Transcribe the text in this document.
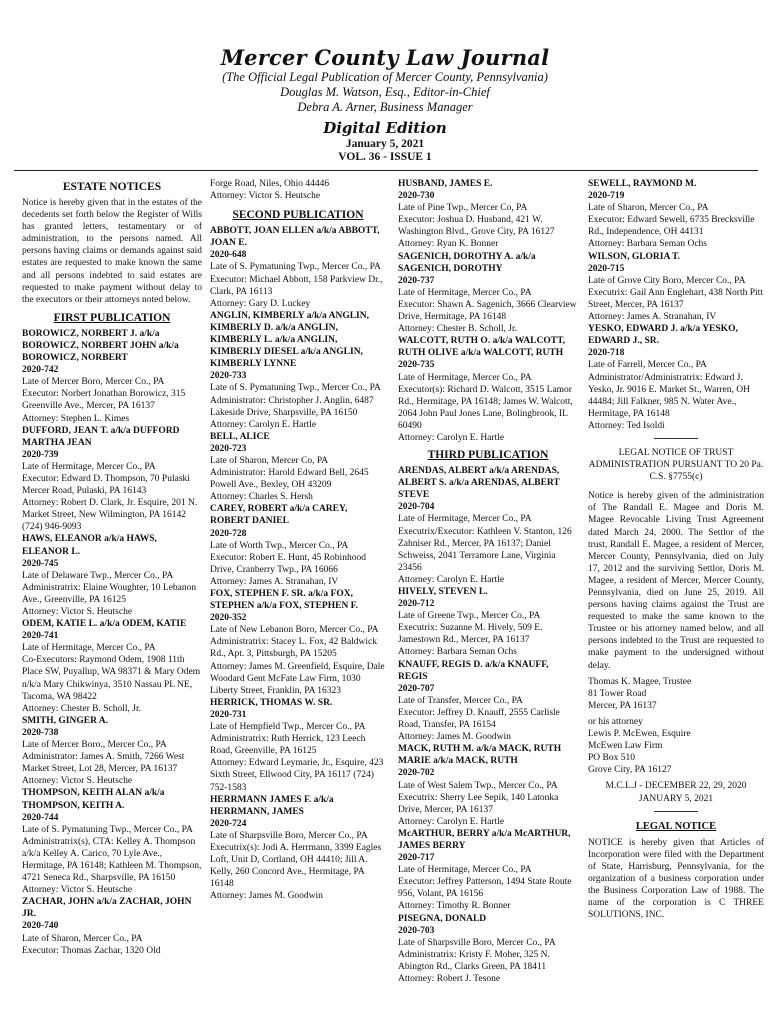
Mercer County Law Journal
(The Official Legal Publication of Mercer County, Pennsylvania)
Douglas M. Watson, Esq., Editor-in-Chief
Debra A. Arner, Business Manager
Digital Edition
January 5, 2021
VOL. 36 - ISSUE 1
ESTATE NOTICES

Notice is hereby given that in the estates of the decedents set forth below the Register of Wills has granted letters, testamentary or of administration, to the persons named. All persons having claims or demands against said estates are requested to make known the same and all persons indebted to said estates are requested to make payment without delay to the executors or their attorneys noted below.

FIRST PUBLICATION

BOROWICZ, NORBERT J. a/k/a BOROWICZ, NORBERT JOHN a/k/a BOROWICZ, NORBERT

2020-742

Late of Mercer Boro, Mercer Co., PA

Executor: Norbert Jonathan Borowicz, 315 Greenville Ave., Mercer, PA 16137

Attorney: Stephen L. Kimes

DUFFORD, JEAN T. a/k/a DUFFORD MARTHA JEAN

2020-739

Late of Hermitage, Mercer Co., PA

Executor: Edward D. Thompson, 70 Pulaski Mercer Road, Pulaski, PA 16143

Attorney: Robert D. Clark, Jr. Esquire, 201 N. Market Street, New Wilmington, PA 16142 (724) 946-9093

HAWS, ELEANOR a/k/a HAWS, ELEANOR L.

2020-745

Late of Delaware Twp., Mercer Co., PA

Administratrix: Elaine Woughter, 10 Lebanon Ave., Greenville, PA 16125

Attorney: Victor S. Heutsche

ODEM, KATIE L. a/k/a ODEM, KATIE

2020-741

Late of Hermitage, Mercer Co., PA

Co-Executors: Raymond Odem, 1908 11th Place SW, Puyallup, WA 98371 & Mary Odem n/k/a Mary Chikwinya, 3510 Nassau PL NE, Tacoma, WA 98422

Attorney: Chester B. Scholl, Jr.

SMITH, GINGER A.

2020-738

Late of Mercer Boro., Mercer Co., PA

Administrator: James A. Smith, 7266 West Market Street, Lot 28, Mercer, PA 16137

Attorney: Victor S. Heutsche

THOMPSON, KEITH ALAN a/k/a THOMPSON, KEITH A.

2020-744

Late of S. Pymatuning Twp., Mercer Co., PA

Administratrix(s), CTA: Kelley A. Thompson a/k/a Kelley A. Carico, 70 Lyle Ave., Hermitage, PA 16148; Kathleen M. Thompson, 4721 Seneca Rd., Sharpsville, PA 16150

Attorney: Victor S. Heutsche

ZACHAR, JOHN a/k/a ZACHAR, JOHN JR.

2020-740

Late of Sharon, Mercer Co., PA

Executor: Thomas Zachar, 1320 Old

Forge Road, Niles, Ohio 44446

Attorney: Victor S. Heutsche

SECOND PUBLICATION

ABBOTT, JOAN ELLEN a/k/a ABBOTT, JOAN E.

2020-648

Late of S. Pymatuning Twp., Mercer Co., PA

Executor: Michael Abbott, 158 Parkview Dr., Clark, PA 16113

Attorney: Gary D. Luckey

ANGLIN, KIMBERLY a/k/a ANGLIN, KIMBERLY D. a/k/a ANGLIN, KIMBERLY L. a/k/a ANGLIN, KIMBERLY DIESEL a/k/a ANGLIN, KIMBERLY LYNNE

2020-733

Late of S. Pymatuning Twp., Mercer Co., PA

Administrator: Christopher J. Anglin, 6487 Lakeside Drive, Sharpsville, PA 16150

Attorney: Carolyn E. Hartle

BELL, ALICE

2020-723

Late of Sharon, Mercer Co, PA

Administrator: Harold Edward Bell, 2645 Powell Ave., Bexley, OH 43209

Attorney: Charles S. Hersh

CAREY, ROBERT a/k/a CAREY, ROBERT DANIEL

2020-728

Late of Worth Twp., Mercer Co., PA

Executor: Robert E. Hunt, 45 Robinhood Drive, Cranberry Twp., PA 16066

Attorney: James A. Stranahan, IV

FOX, STEPHEN F. SR. a/k/a FOX, STEPHEN a/k/a FOX, STEPHEN F.

2020-352

Late of New Lebanon Boro, Mercer Co., PA

Administratrix: Stacey L. Fox, 42 Baldwick Rd., Apt. 3, Pittsburgh, PA 15205

Attorney: James M. Greenfield, Esquire, Dale Woodard Gent McFate Law Firm, 1030 Liberty Street, Franklin, PA 16323

HERRICK, THOMAS W. SR.

2020-731

Late of Hempfield Twp., Mercer Co., PA

Administratrix: Ruth Herrick, 123 Leech Road, Greenville, PA 16125

Attorney: Edward Leymarie, Jr., Esquire, 423 Sixth Street, Ellwood City, PA 16117 (724) 752-1583

HERRMANN JAMES F. a/k/a HERRMANN, JAMES

2020-724

Late of Sharpsville Boro, Mercer Co., PA

Executrix(s): Jodi A. Herrmann, 3399 Eagles Loft, Unit D, Cortland, OH 44410; Jill A. Kelly, 260 Concord Ave., Hermitage, PA 16148

Attorney: James M. Goodwin

HUSBAND, JAMES E.

2020-730

Late of Pine Twp., Mercer Co, PA

Executor: Joshua D. Husband, 421 W. Washington Blvd., Grove City, PA 16127

Attorney: Ryan K. Bonner

SAGENICH, DOROTHY A. a/k/a SAGENICH, DOROTHY

2020-737

Late of Hermitage, Mercer Co., PA

Executor: Shawn A. Sagenich, 3666 Clearview Drive, Hermitage, PA 16148

Attorney: Chester B. Scholl, Jr.

WALCOTT, RUTH O. a/k/a WALCOTT, RUTH OLIVE a/k/a WALCOTT, RUTH

2020-735

Late of Hermitage, Mercer Co., PA

Executor(s): Richard D. Walcott, 3515 Lamor Rd., Hermitage, PA 16148; James W. Walcott, 2064 John Paul Jones Lane, Bolingbrook, IL 60490

Attorney: Carolyn E. Hartle

THIRD PUBLICATION

ARENDAS, ALBERT a/k/a ARENDAS, ALBERT S. a/k/a ARENDAS, ALBERT STEVE

2020-704

Late of Hermitage, Mercer Co., PA

Executrix/Executor: Kathleen V. Stanton, 126 Zahniser Rd., Mercer, PA 16137; Daniel Schweiss, 2041 Terramore Lane, Virginia 23456

Attorney: Carolyn E. Hartle

HIVELY, STEVEN L.

2020-712

Late of Greene Twp., Mercer Co., PA

Executrix: Suzanne M. Hively, 509 E. Jamestown Rd., Mercer, PA 16137

Attorney: Barbara Seman Ochs

KNAUFF, REGIS D. a/k/a KNAUFF, REGIS

2020-707

Late of Transfer, Mercer Co., PA

Executor: Jeffrey D. Knauff, 2555 Carlisle Road, Transfer, PA 16154

Attorney: James M. Goodwin

MACK, RUTH M. a/k/a MACK, RUTH MARIE a/k/a MACK, RUTH

2020-702

Late of West Salem Twp., Mercer Co., PA

Executrix: Sherry Lee Sepik, 140 Latonka Drive, Mercer, PA 16137

Attorney: Carolyn E. Hartle

McARTHUR, BERRY a/k/a McARTHUR, JAMES BERRY

2020-717

Late of Hermitage, Mercer Co., PA

Executor: Jeffrey Patterson, 1494 State Route 956, Volant, PA 16156

Attorney: Timothy R. Bonner

PISEGNA, DONALD

2020-703

Late of Sharpsville Boro, Mercer Co., PA

Administratrix: Kristy F. Moher, 325 N. Abington Rd., Clarks Green, PA 18411

Attorney: Robert J. Tesone

SEWELL, RAYMOND M.

2020-719

Late of Sharon, Mercer Co., PA

Executor: Edward Sewell, 6735 Brecksville Rd., Independence, OH 44131

Attorney: Barbara Seman Ochs

WILSON, GLORIA T.

2020-715

Late of Grove City Boro, Mercer Co., PA

Executrix: Gail Ann Englehart, 438 North Pitt Street, Mercer, PA 16137

Attorney: James A. Stranahan, IV

YESKO, EDWARD J. a/k/a YESKO, EDWARD J., SR.

2020-718

Late of Farrell, Mercer Co., PA

Administrator/Administratrix: Edward J. Yesko, Jr. 9016 E. Market St., Warren, OH 44484; Jill Falkner, 985 N. Water Ave., Hermitage, PA 16148

Attorney: Ted Isoldi

LEGAL NOTICE OF TRUST ADMINISTRATION PURSUANT TO 20 Pa. C.S. §7755(c)

Notice is hereby given of the administration of The Randall E. Magee and Doris M. Magee Revocable Living Trust Agreement dated March 24, 2000. The Settlor of the trust, Randall E. Magee, a resident of Mercer, Mercer County, Pennsylvania, died on July 17, 2012 and the surviving Settlor, Doris M. Magee, a resident of Mercer, Mercer County, Pennsylvania, died on June 25, 2019. All persons having claims against the Trust are requested to make the same known to the Trustee or his attorney named below, and all persons indebted to the Trust are requested to make payment to the undersigned without delay.

Thomas K. Magee, Trustee

81 Tower Road

Mercer, PA 16137

or his attorney

Lewis P. McEwen, Esquire

McEwen Law Firm

PO Box 510

Grove City, PA 16127

M.C.L.J - DECEMBER 22, 29, 2020

JANUARY 5, 2021

LEGAL NOTICE

NOTICE is hereby given that Articles of Incorporation were filed with the Department of State, Harrisburg, Pennsylvania, for the organization of a business corporation under the Business Corporation Law of 1988. The name of the corporation is C THREE SOLUTIONS, INC.
